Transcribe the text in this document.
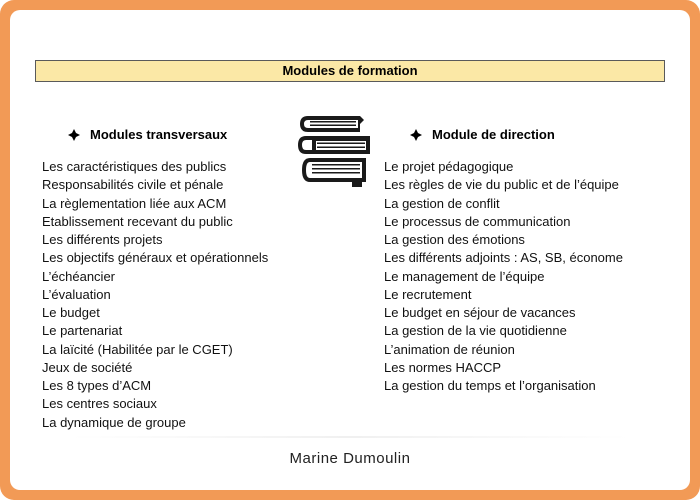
Modules de formation
Modules transversaux
Les caractéristiques des publics
Responsabilités civile et pénale
La règlementation liée aux ACM
Etablissement recevant du public
Les différents projets
Les objectifs généraux et opérationnels
L’échéancier
L’évaluation
Le budget
Le partenariat
La laïcité (Habilitée par le CGET)
Jeux de société
Les 8 types d’ACM
Les centres sociaux
La dynamique de groupe
Module de direction
Le projet pédagogique
Les règles de vie du public et de l’équipe
La gestion de conflit
Le processus de communication
La gestion des émotions
Les différents adjoints : AS, SB, économe
Le management de l’équipe
Le recrutement
Le budget en séjour de vacances
La gestion de la vie quotidienne
L’animation de réunion
Les normes HACCP
La gestion du temps et l’organisation
Marine Dumoulin
